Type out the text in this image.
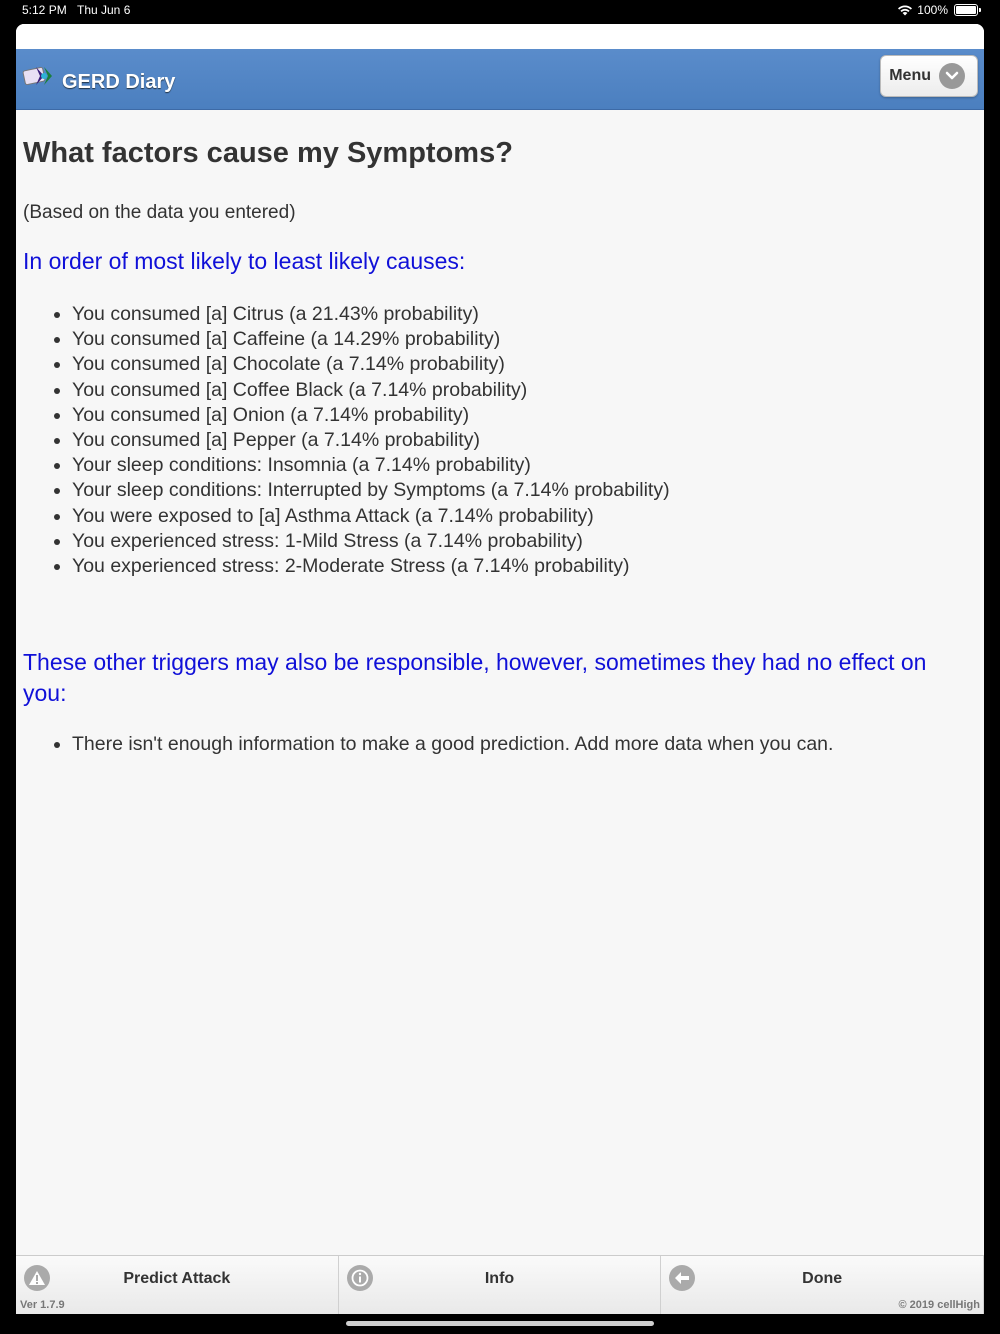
5:12 PM Thu Jun 6	100%
GERD Diary	Menu
What factors cause my Symptoms?
(Based on the data you entered)
In order of most likely to least likely causes:
• You consumed [a] Citrus (a 21.43% probability)
• You consumed [a] Caffeine (a 14.29% probability)
• You consumed [a] Chocolate (a 7.14% probability)
• You consumed [a] Coffee Black (a 7.14% probability)
• You consumed [a] Onion (a 7.14% probability)
• You consumed [a] Pepper (a 7.14% probability)
• Your sleep conditions: Insomnia (a 7.14% probability)
• Your sleep conditions: Interrupted by Symptoms (a 7.14% probability)
• You were exposed to [a] Asthma Attack (a 7.14% probability)
• You experienced stress: 1-Mild Stress (a 7.14% probability)
• You experienced stress: 2-Moderate Stress (a 7.14% probability)
These other triggers may also be responsible, however, sometimes they had no effect on you:
• There isn't enough information to make a good prediction. Add more data when you can.
Predict Attack	Info	Done
Ver 1.7.9	© 2019 cellHigh
